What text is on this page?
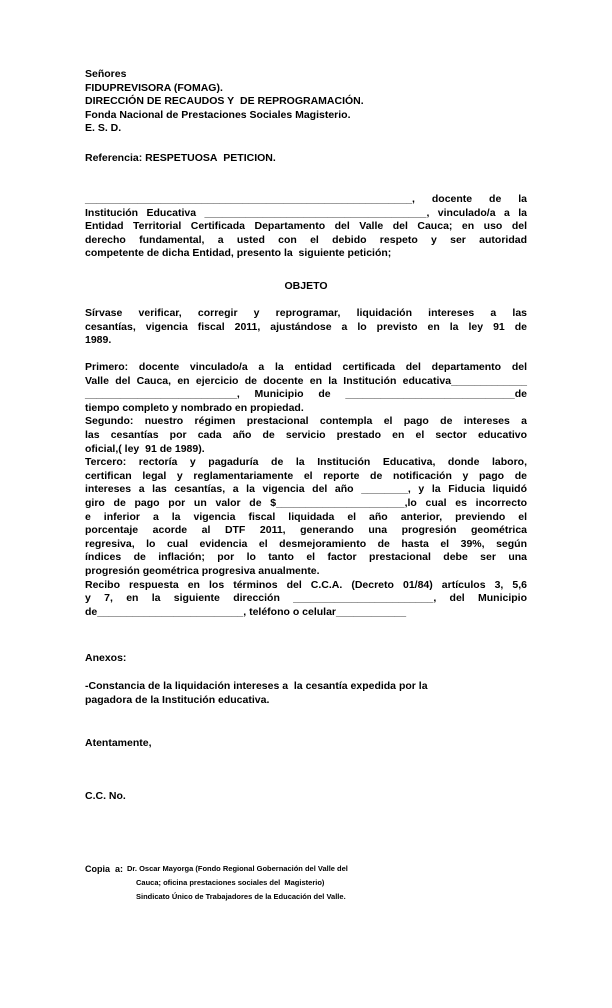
Señores
FIDUPREVISORA (FOMAG).
DIRECCIÓN DE RECAUDOS Y  DE REPROGRAMACIÓN.
Fonda Nacional de Prestaciones Sociales Magisterio.
E. S. D.
Referencia: RESPETUOSA  PETICION.
________________________________________________________, docente de la
Institución Educativa ______________________________________, vinculado/a a la
Entidad Territorial Certificada Departamento del Valle del Cauca; en uso del
derecho fundamental, a usted con el debido respeto y ser autoridad
competente de dicha Entidad, presento la  siguiente petición;
OBJETO
Sírvase verificar, corregir y reprogramar, liquidación intereses a las
cesantías, vigencia fiscal 2011, ajustándose a lo previsto en la ley 91 de
1989.
Primero: docente vinculado/a a la entidad certificada del departamento del
Valle del Cauca, en ejercicio de docente en la Institución educativa_____________
__________________________, Municipio de _____________________________de
tiempo completo y nombrado en propiedad.
Segundo: nuestro régimen prestacional contempla el pago de intereses a
las cesantías por cada año de servicio prestado en el sector educativo
oficial,( ley  91 de 1989).
Tercero: rectoría y pagaduría de la Institución Educativa, donde laboro,
certifican legal y reglamentariamente el reporte de notificación y pago de
intereses a las cesantías, a la vigencia del año ________, y la Fiducia liquidó
giro de pago por un valor de $______________________,lo cual es incorrecto
e inferior a la vigencia fiscal liquidada el año anterior, previendo el
porcentaje acorde al DTF 2011, generando una progresión geométrica
regresiva, lo cual evidencia el desmejoramiento de hasta el 39%, según
índices de inflación; por lo tanto el factor prestacional debe ser una
progresión geométrica progresiva anualmente.
Recibo respuesta en los términos del C.C.A. (Decreto 01/84) artículos 3, 5,6
y 7, en la siguiente dirección ________________________, del Municipio
de_________________________, teléfono o celular____________
Anexos:
-Constancia de la liquidación intereses a  la cesantía expedida por la
pagadora de la Institución educativa.
Atentamente,
C.C. No.
Copia  a: Dr. Oscar Mayorga (Fondo Regional Gobernación del Valle del
Cauca; oficina prestaciones sociales del  Magisterio)
Sindicato Único de Trabajadores de la Educación del Valle.
